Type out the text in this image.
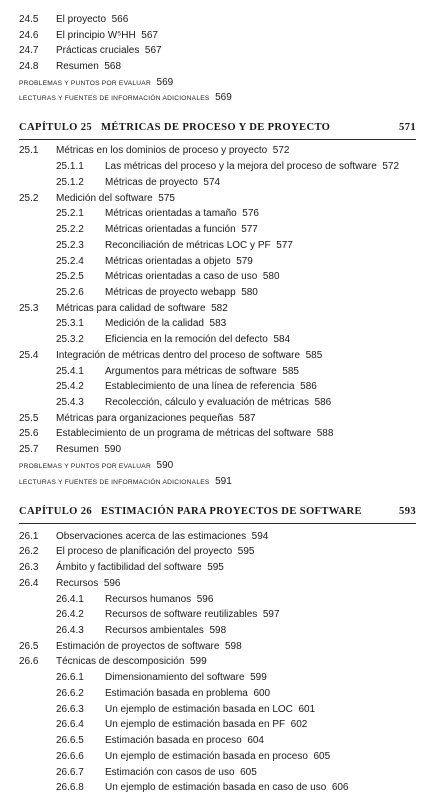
24.5 El proyecto 566
24.6 El principio W⁵HH 567
24.7 Prácticas cruciales 567
24.8 Resumen 568
PROBLEMAS Y PUNTOS POR EVALUAR 569
LECTURAS Y FUENTES DE INFORMACIÓN ADICIONALES 569
CAPÍTULO 25 MÉTRICAS DE PROCESO Y DE PROYECTO	571
25.1 Métricas en los dominios de proceso y proyecto 572
25.1.1 Las métricas del proceso y la mejora del proceso de software 572
25.1.2 Métricas de proyecto 574
25.2 Medición del software 575
25.2.1 Métricas orientadas a tamaño 576
25.2.2 Métricas orientadas a función 577
25.2.3 Reconciliación de métricas LOC y PF 577
25.2.4 Métricas orientadas a objeto 579
25.2.5 Métricas orientadas a caso de uso 580
25.2.6 Métricas de proyecto webapp 580
25.3 Métricas para calidad de software 582
25.3.1 Medición de la calidad 583
25.3.2 Eficiencia en la remoción del defecto 584
25.4 Integración de métricas dentro del proceso de software 585
25.4.1 Argumentos para métricas de software 585
25.4.2 Establecimiento de una línea de referencia 586
25.4.3 Recolección, cálculo y evaluación de métricas 586
25.5 Métricas para organizaciones pequeñas 587
25.6 Establecimiento de un programa de métricas del software 588
25.7 Resumen 590
PROBLEMAS Y PUNTOS POR EVALUAR 590
LECTURAS Y FUENTES DE INFORMACIÓN ADICIONALES 591
CAPÍTULO 26 ESTIMACIÓN PARA PROYECTOS DE SOFTWARE	593
26.1 Observaciones acerca de las estimaciones 594
26.2 El proceso de planificación del proyecto 595
26.3 Ámbito y factibilidad del software 595
26.4 Recursos 596
26.4.1 Recursos humanos 596
26.4.2 Recursos de software reutilizables 597
26.4.3 Recursos ambientales 598
26.5 Estimación de proyectos de software 598
26.6 Técnicas de descomposición 599
26.6.1 Dimensionamiento del software 599
26.6.2 Estimación basada en problema 600
26.6.3 Un ejemplo de estimación basada en LOC 601
26.6.4 Un ejemplo de estimación basada en PF 602
26.6.5 Estimación basada en proceso 604
26.6.6 Un ejemplo de estimación basada en proceso 605
26.6.7 Estimación con casos de uso 605
26.6.8 Un ejemplo de estimación basada en caso de uso 606
